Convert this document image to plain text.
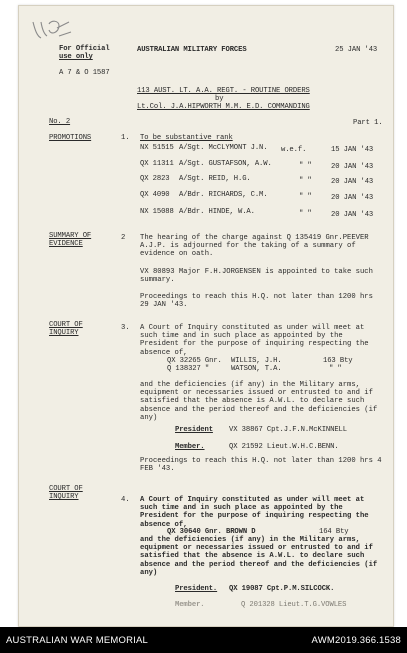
For Official
use only
A 7 & O 1587
AUSTRALIAN MILITARY FORCES	25 JAN '43
113 AUST. LT. A.A. REGT. - ROUTINE ORDERS
by
Lt.Col. J.A.HIPWORTH M.M. E.D. COMMANDING
No. 2	Part 1.
PROMOTIONS	1. To be substantive rank
NX 51515 A/Sgt. McCLYMONT J.N. w.e.f.	15 JAN '43
QX 11311 A/Sgt. GUSTAFSON, A.W.	" "	20 JAN '43
QX 2823 A/Sgt. REID, H.G.	" "	20 JAN '43
QX 4090 A/Bdr. RICHARDS, C.M.	" "	20 JAN '43
NX 15088 A/Bdr. HINDE, W.A.	" "	20 JAN '43
SUMMARY OF
EVIDENCE
2 The hearing of the charge against Q 135419 Gnr.PEEVER A.J.P. is adjourned for the taking of a summary of evidence on oath.
VX 80893 Major F.H.JORGENSEN is appointed to take such summary.
Proceedings to reach this H.Q. not later than 1200 hrs 29 JAN '43.
COURT OF
INQUIRY
3. A Court of Inquiry constituted as under will meet at such time and in such place as appointed by the President for the purpose of inquiring respecting the absence of,
QX 32265 Gnr. WILLIS, J.H.	163 Bty
Q 138327 "	WATSON, T.A.	" "
and the deficiencies (if any) in the Military arms, equipment or necessaries issued or entrusted to and if satisfied that the absence is A.W.L. to declare such absence and the period thereof and the deficiencies (if any)
President VX 38867 Cpt.J.F.N.McKINNELL
Member.	QX 21592 Lieut.W.H.C.BENN.
Proceedings to reach this H.Q. not later than 1200 hrs 4 FEB '43.
COURT OF
INQUIRY	4. A Court of Inquiry constituted as under will meet at such time and in such place as appointed by the President for the purpose of inquiring respecting the absence of,
QX 30640 Gnr. BROWN D	164 Bty
and the deficiencies (if any) in the Military arms, equipment or necessaries issued or entrusted to and if satisfied that the absence is A.W.L. to declare such absence and the period thereof and the deficiencies (if any)
President. QX 19087 Cpt.P.M.SILCOCK.
Member.	Q 201328 Lieut.T.G.VOWLES
AUSTRALIAN WAR MEMORIAL	AWM2019.366.1538
